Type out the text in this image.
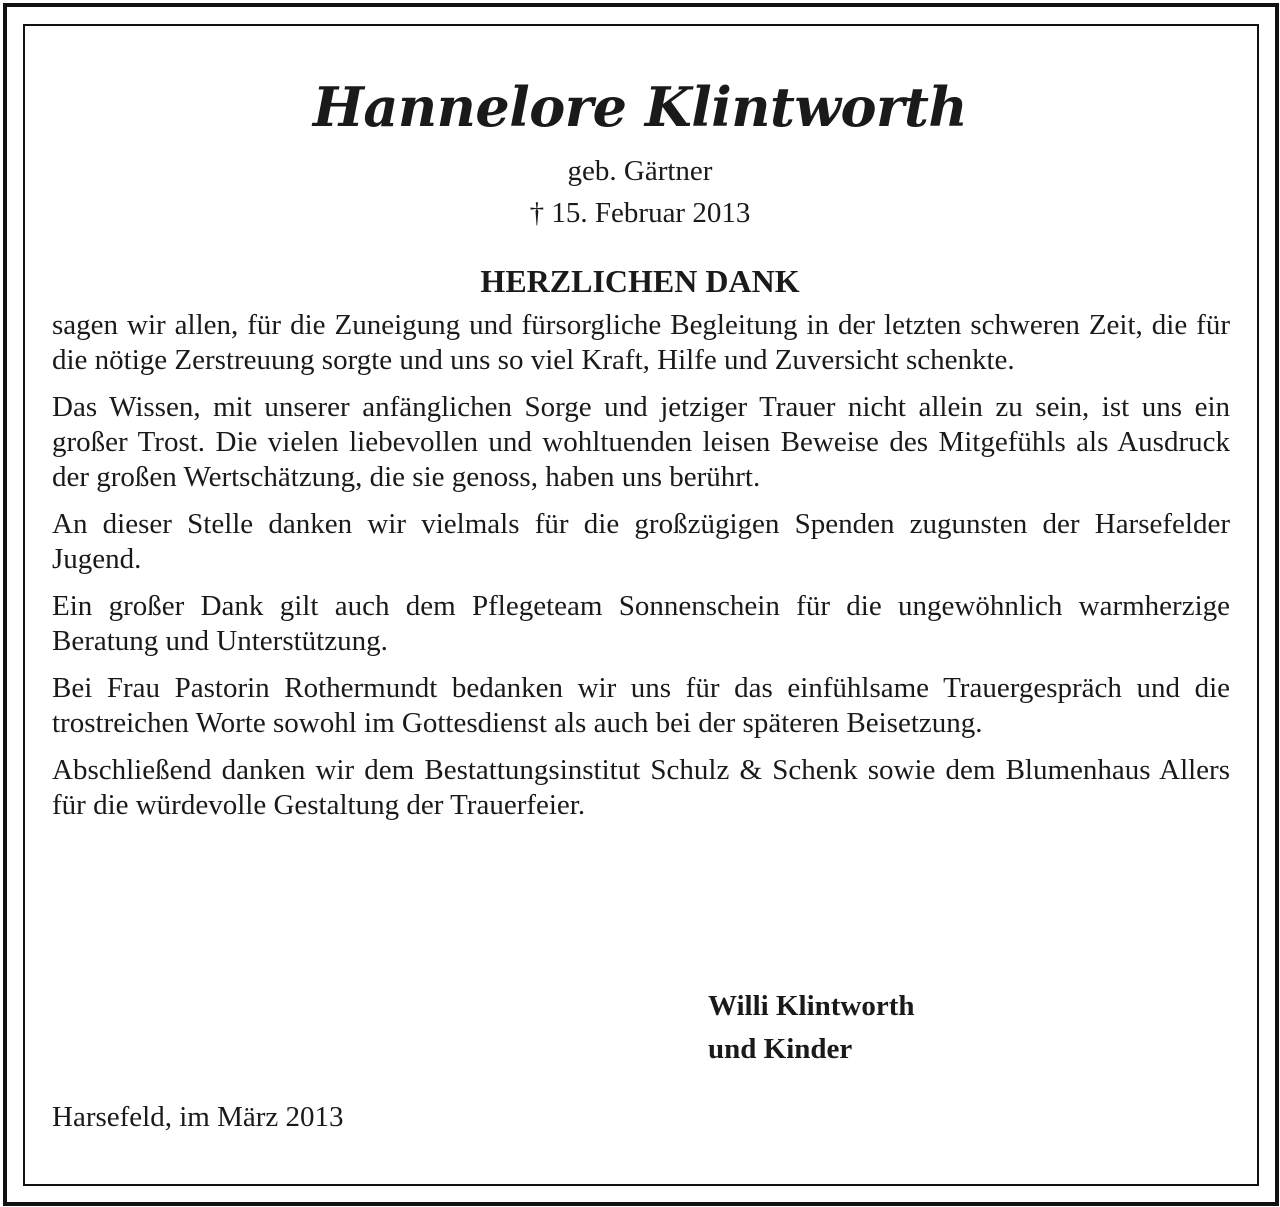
Hannelore Klintworth
geb. Gärtner
† 15. Februar 2013
HERZLICHEN DANK

sagen wir allen, für die Zuneigung und fürsorgliche Begleitung in der letzten schweren Zeit, die für die nötige Zerstreuung sorgte und uns so viel Kraft, Hilfe und Zuversicht schenkte.

Das Wissen, mit unserer anfänglichen Sorge und jetziger Trauer nicht allein zu sein, ist uns ein großer Trost. Die vielen liebevollen und wohltuenden leisen Beweise des Mitgefühls als Ausdruck der großen Wertschätzung, die sie genoss, haben uns berührt.

An dieser Stelle danken wir vielmals für die großzügigen Spenden zugunsten der Harsefelder Jugend.

Ein großer Dank gilt auch dem Pflegeteam Sonnenschein für die ungewöhnlich warmherzige Beratung und Unterstützung.

Bei Frau Pastorin Rothermundt bedanken wir uns für das einfühlsame Trauergespräch und die trostreichen Worte sowohl im Gottesdienst als auch bei der späteren Beisetzung.

Abschließend danken wir dem Bestattungsinstitut Schulz & Schenk sowie dem Blumenhaus Allers für die würdevolle Gestaltung der Trauerfeier.

Willi Klintworth
und Kinder
Harsefeld, im März 2013
